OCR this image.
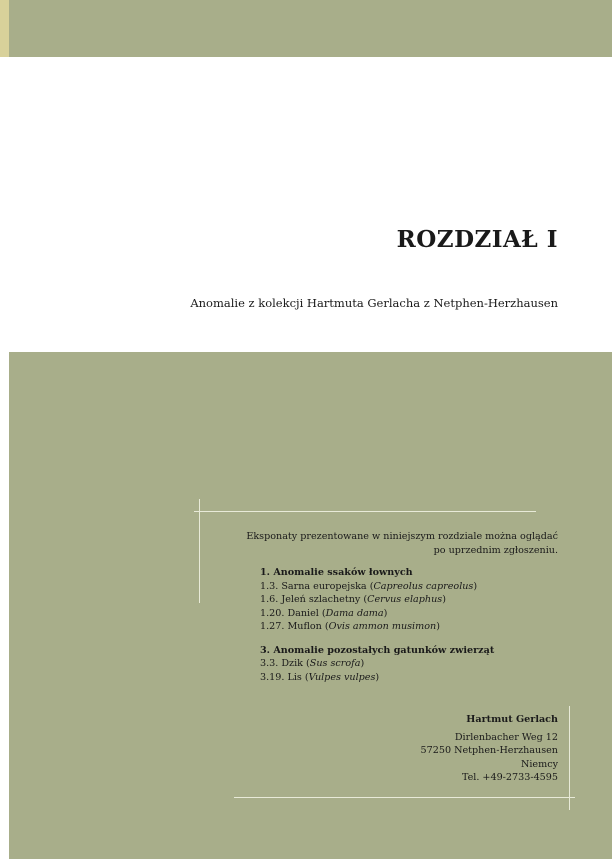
ROZDZIAŁ I
Anomalie z kolekcji Hartmuta Gerlacha z Netphen-Herzhausen
Eksponaty prezentowane w niniejszym rozdziale można oglądać
po uprzednim zgłoszeniu.
1. Anomalie ssaków łownych
1.3. Sarna europejska (Capreolus capreolus)
1.6. Jeleń szlachetny (Cervus elaphus)
1.20. Daniel (Dama dama)
1.27. Muflon (Ovis ammon musimon)
3. Anomalie pozostałych gatunków zwierząt
3.3. Dzik (Sus scrofa)
3.19. Lis (Vulpes vulpes)
Hartmut Gerlach
Dirlenbacher Weg 12
57250 Netphen-Herzhausen
Niemcy
Tel. +49-2733-4595
